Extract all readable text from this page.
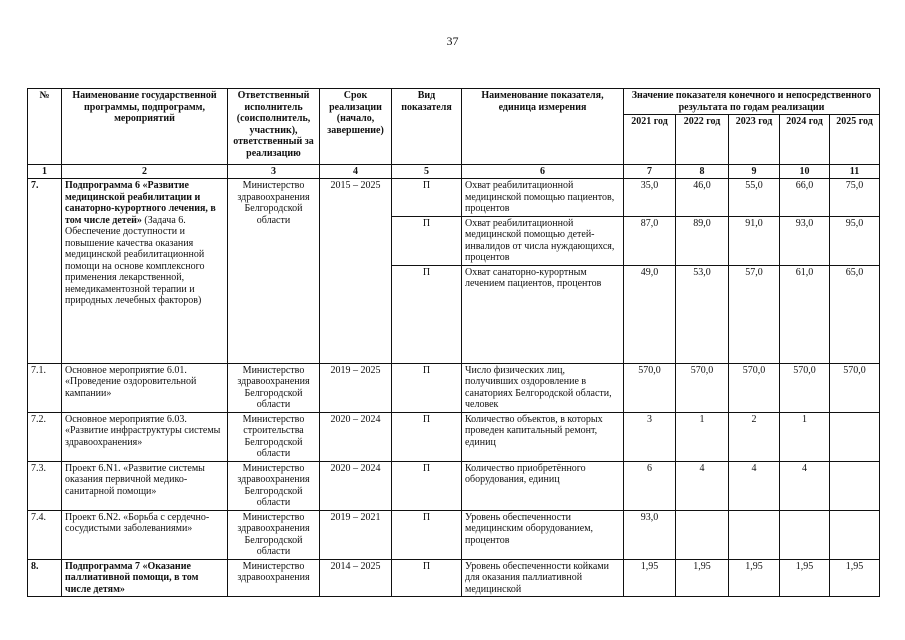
37
№	Наименование государственной программы, подпрограмм, мероприятий	Ответственный исполнитель (соисполнитель, участник), ответственный за реализацию	Срок реализации (начало, завершение)	Вид показателя	Наименование показателя, единица измерения	Значение показателя конечного и непосредственного результата по годам реализации				
						2021 год	2022 год	2023 год	2024 год	2025 год
1	2	3	4	5	6	7	8	9	10	11
7.	Подпрограмма 6 «Развитие медицинской реабилитации и санаторно-курортного лечения, в том числе детей» (Задача 6. Обеспечение доступности и повышение качества оказания медицинской реабилитационной помощи на основе комплексного применения лекарственной, немедикаментозной терапии и природных лечебных факторов)	Министерство здравоохранения Белгородской области	2015 – 2025	П	Охват реабилитационной медицинской помощью пациентов, процентов	35,0	46,0	55,0	66,0	75,0
				П	Охват реабилитационной медицинской помощью детей-инвалидов от числа нуждающихся, процентов	87,0	89,0	91,0	93,0	95,0
				П	Охват санаторно-курортным лечением пациентов, процентов	49,0	53,0	57,0	61,0	65,0
7.1.	Основное мероприятие 6.01. «Проведение оздоровительной кампании»	Министерство здравоохранения Белгородской области	2019 – 2025	П	Число физических лиц, получивших оздоровление в санаториях Белгородской области, человек	570,0	570,0	570,0	570,0	570,0
7.2.	Основное мероприятие 6.03. «Развитие инфраструктуры системы здравоохранения»	Министерство строительства Белгородской области	2020 – 2024	П	Количество объектов, в которых проведен капитальный ремонт, единиц	3	1	2	1	
7.3.	Проект 6.N1. «Развитие системы оказания первичной медико-санитарной помощи»	Министерство здравоохранения Белгородской области	2020 – 2024	П	Количество приобретённого оборудования, единиц	6	4	4	4	
7.4.	Проект 6.N2. «Борьба с сердечно-сосудистыми заболеваниями»	Министерство здравоохранения Белгородской области	2019 – 2021	П	Уровень обеспеченности медицинским оборудованием, процентов	93,0				
8.	Подпрограмма 7 «Оказание паллиативной помощи, в том числе детям»	Министерство здравоохранения	2014 – 2025	П	Уровень обеспеченности койками для оказания паллиативной медицинской	1,95	1,95	1,95	1,95	1,95
